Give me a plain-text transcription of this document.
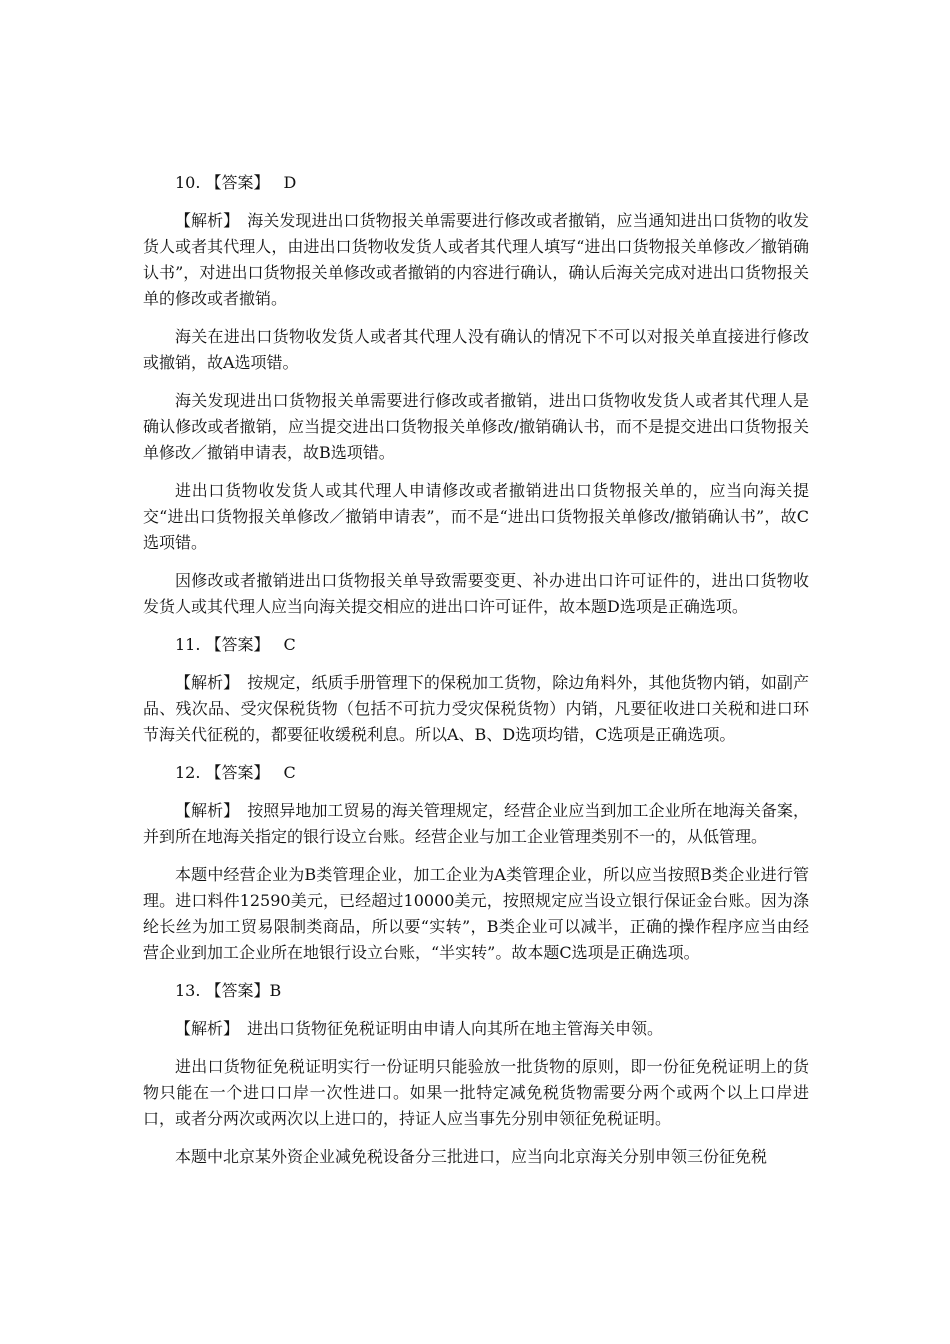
10. 【答案】 D

【解析】　海关发现进出口货物报关单需要进行修改或者撤销，应当通知进出口货物的收发货人或者其代理人，由进出口货物收发货人或者其代理人填写“进出口货物报关单修改／撤销确认书”，对进出口货物报关单修改或者撤销的内容进行确认，确认后海关完成对进出口货物报关单的修改或者撤销。

海关在进出口货物收发货人或者其代理人没有确认的情况下不可以对报关单直接进行修改或撤销，故A选项错。

海关发现进出口货物报关单需要进行修改或者撤销，进出口货物收发货人或者其代理人是确认修改或者撤销，应当提交进出口货物报关单修改/撤销确认书，而不是提交进出口货物报关单修改／撤销申请表，故B选项错。

进出口货物收发货人或其代理人申请修改或者撤销进出口货物报关单的，应当向海关提交“进出口货物报关单修改／撤销申请表”，而不是“进出口货物报关单修改/撤销确认书”，故C选项错。

因修改或者撤销进出口货物报关单导致需要变更、补办进出口许可证件的，进出口货物收发货人或其代理人应当向海关提交相应的进出口许可证件，故本题D选项是正确选项。

11. 【答案】 C

【解析】　按规定，纸质手册管理下的保税加工货物，除边角料外，其他货物内销，如副产品、残次品、受灾保税货物（包括不可抗力受灾保税货物）内销，凡要征收进口关税和进口环节海关代征税的，都要征收缓税利息。所以A、B、D选项均错，C选项是正确选项。

12. 【答案】 C

【解析】　按照异地加工贸易的海关管理规定，经营企业应当到加工企业所在地海关备案，并到所在地海关指定的银行设立台账。经营企业与加工企业管理类别不一的，从低管理。

本题中经营企业为B类管理企业，加工企业为A类管理企业，所以应当按照B类企业进行管理。进口料件12590美元，已经超过10000美元，按照规定应当设立银行保证金台账。因为涤纶长丝为加工贸易限制类商品，所以要“实转”，B类企业可以减半，正确的操作程序应当由经营企业到加工企业所在地银行设立台账，“半实转”。故本题C选项是正确选项。

13. 【答案】B

【解析】　进出口货物征免税证明由申请人向其所在地主管海关申领。

进出口货物征免税证明实行一份证明只能验放一批货物的原则，即一份征免税证明上的货物只能在一个进口口岸一次性进口。如果一批特定减免税货物需要分两个或两个以上口岸进口，或者分两次或两次以上进口的，持证人应当事先分别申领征免税证明。

本题中北京某外资企业减免税设备分三批进口，应当向北京海关分别申领三份征免税
